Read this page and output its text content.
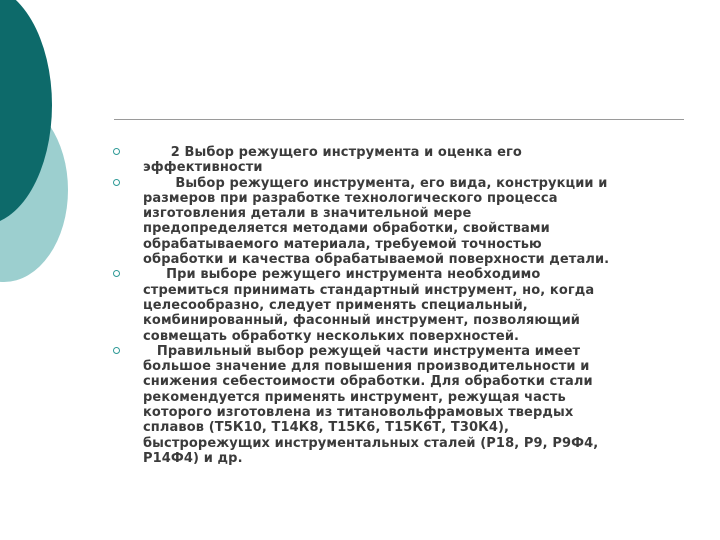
2 Выбор режущего инструмента и оценка его
эффективности
Выбор режущего инструмента, его вида, конструкции и
размеров при разработке технологического процесса
изготовления детали в значительной мере
предопределяется методами обработки, свойствами
обрабатываемого материала, требуемой точностью
обработки и качества обрабатываемой поверхности детали.
При выборе режущего инструмента необходимо
стремиться принимать стандартный инструмент, но, когда
целесообразно, следует применять специальный,
комбинированный, фасонный инструмент, позволяющий
совмещать обработку нескольких поверхностей.
Правильный выбор режущей части инструмента имеет
большое значение для повышения производительности и
снижения себестоимости обработки. Для обработки стали
рекомендуется применять инструмент, режущая часть
которого изготовлена из титановольфрамовых твердых
сплавов (Т5К10, Т14К8, Т15К6, Т15К6Т, Т30К4),
быстрорежущих инструментальных сталей (Р18, Р9, Р9Ф4,
Р14Ф4) и др.
